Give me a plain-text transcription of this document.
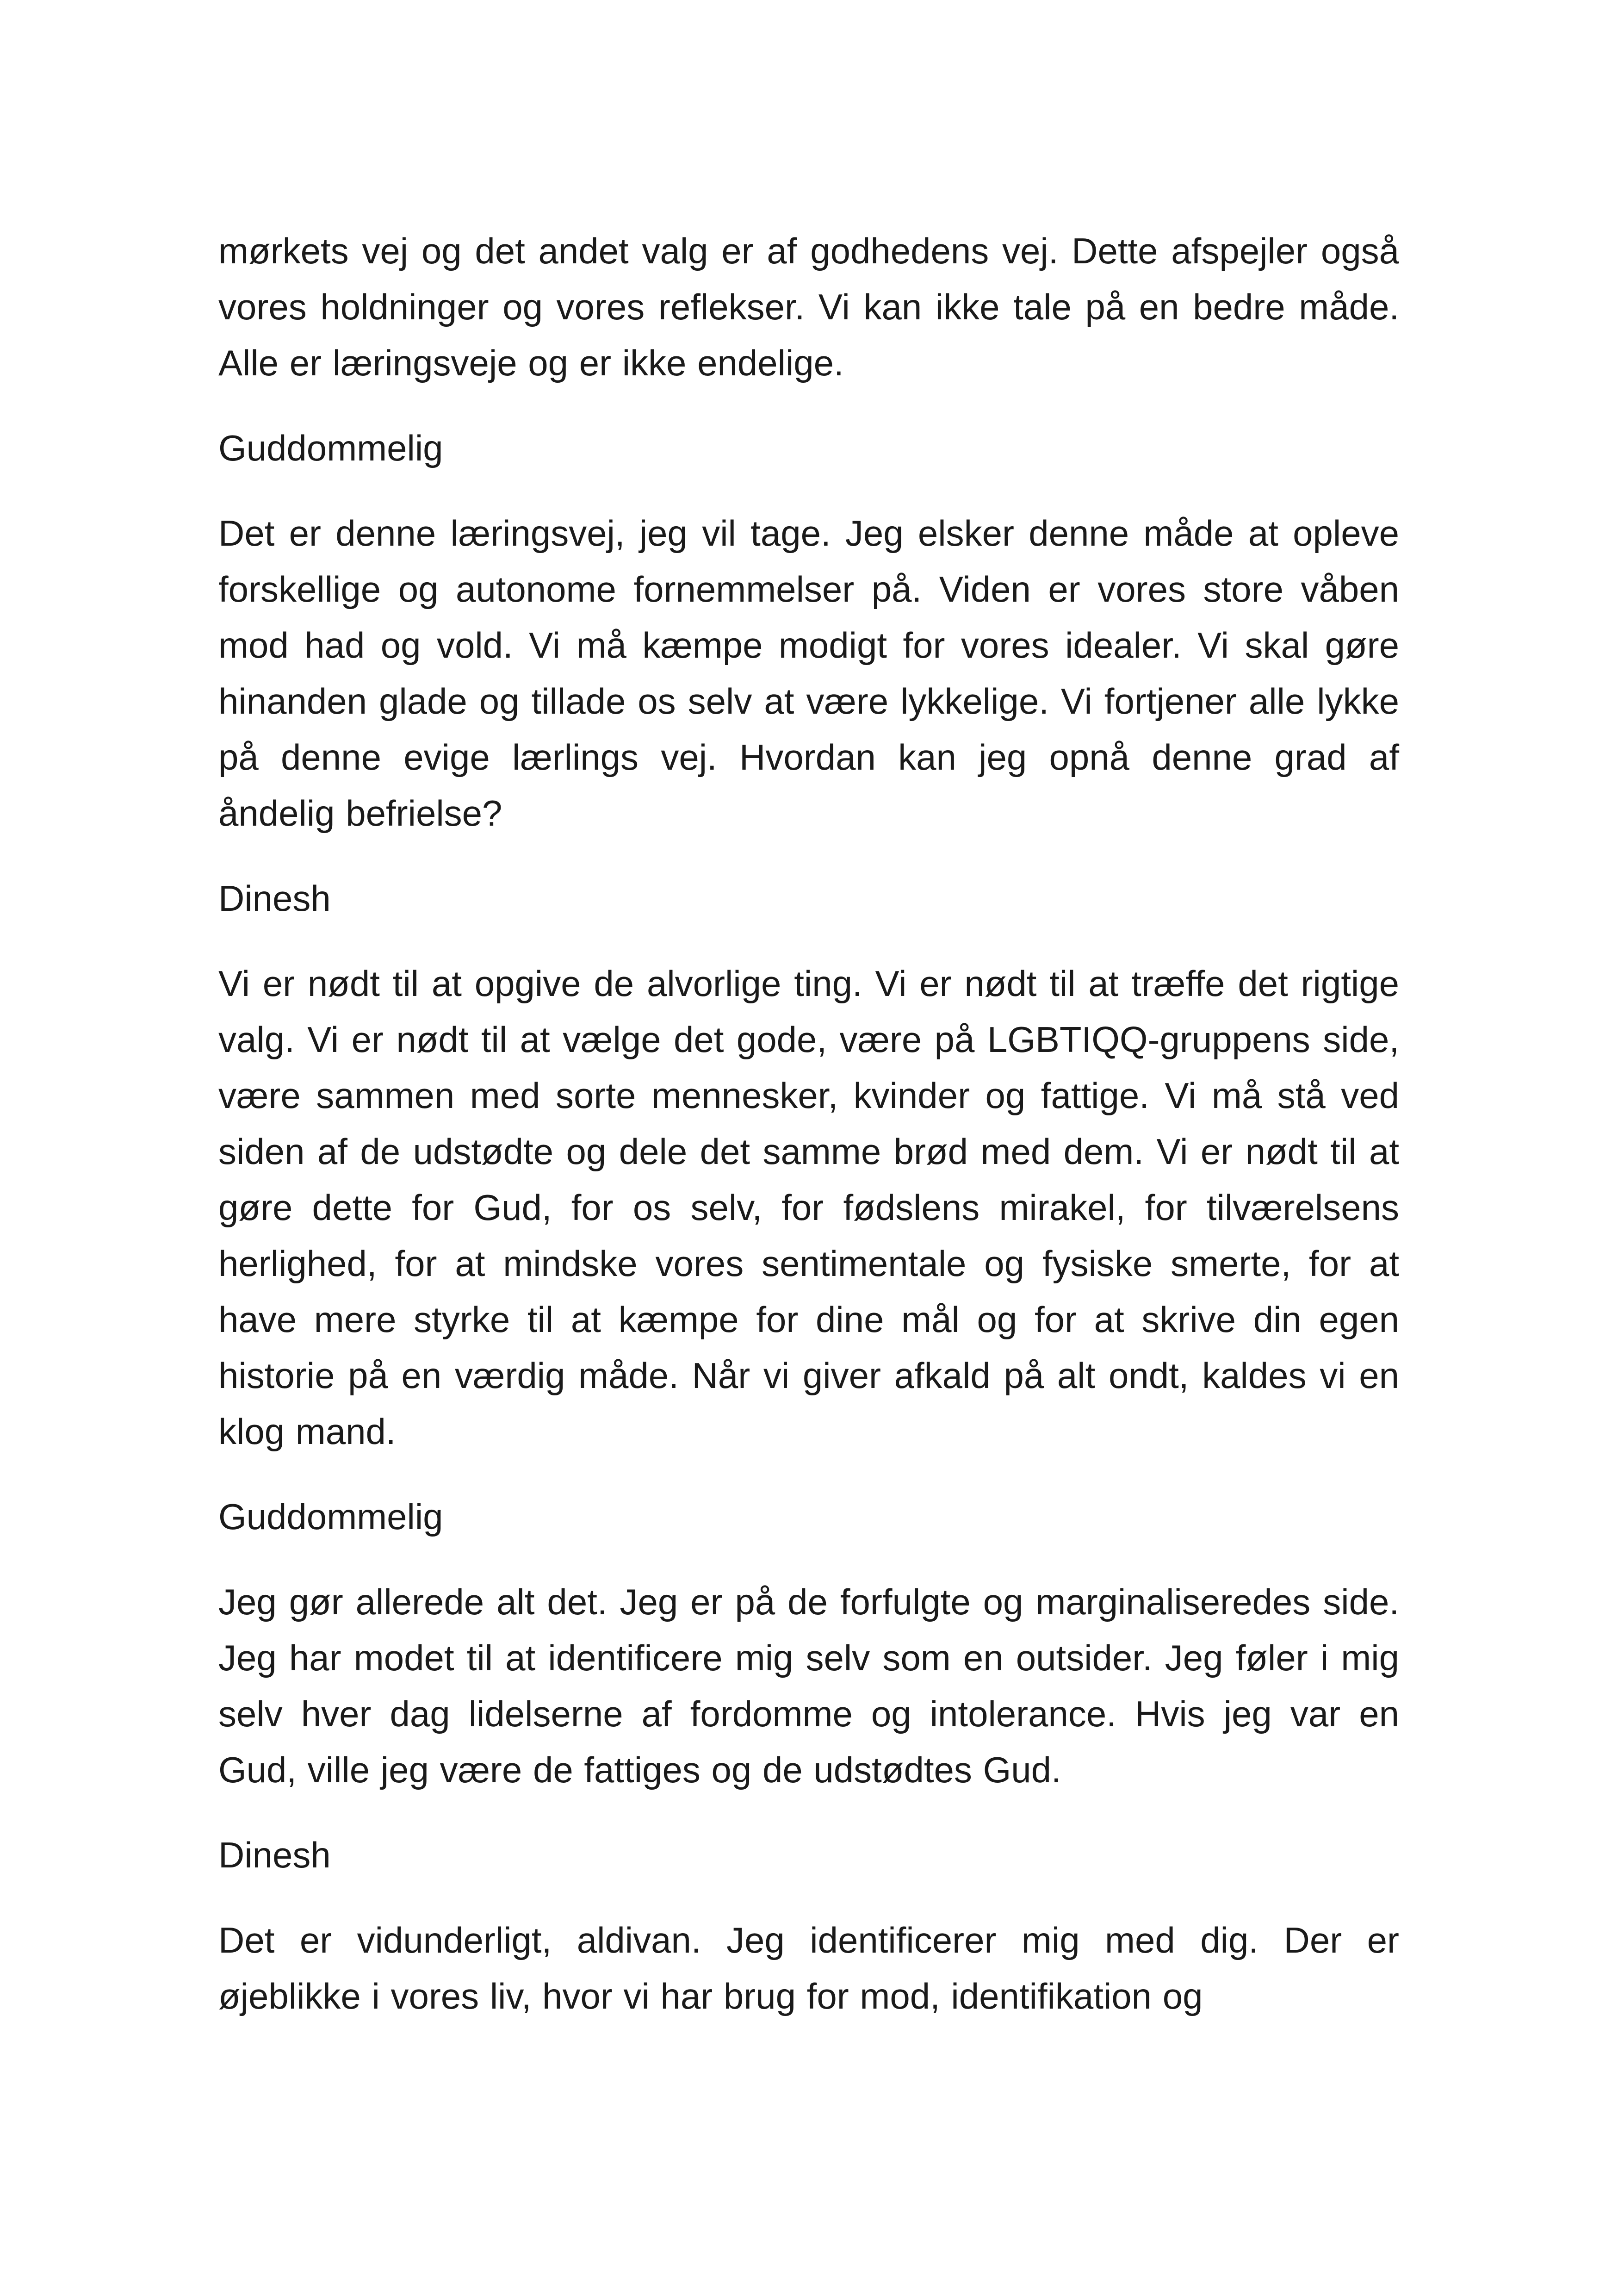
mørkets vej og det andet valg er af godhedens vej. Dette afspejler også vores holdninger og vores reflekser. Vi kan ikke tale på en bedre måde. Alle er læringsveje og er ikke endelige.

Guddommelig

Det er denne læringsvej, jeg vil tage. Jeg elsker denne måde at opleve forskellige og autonome fornemmelser på. Viden er vores store våben mod had og vold. Vi må kæmpe modigt for vores idealer. Vi skal gøre hinanden glade og tillade os selv at være lykkelige. Vi fortjener alle lykke på denne evige lærlings vej. Hvordan kan jeg opnå denne grad af åndelig befrielse?

Dinesh

Vi er nødt til at opgive de alvorlige ting. Vi er nødt til at træffe det rigtige valg. Vi er nødt til at vælge det gode, være på LGBTIQQ-gruppens side, være sammen med sorte mennesker, kvinder og fattige. Vi må stå ved siden af de udstødte og dele det samme brød med dem. Vi er nødt til at gøre dette for Gud, for os selv, for fødslens mirakel, for tilværelsens herlighed, for at mindske vores sentimentale og fysiske smerte, for at have mere styrke til at kæmpe for dine mål og for at skrive din egen historie på en værdig måde. Når vi giver afkald på alt ondt, kaldes vi en klog mand.

Guddommelig

Jeg gør allerede alt det. Jeg er på de forfulgte og marginaliseredes side. Jeg har modet til at identificere mig selv som en outsider. Jeg føler i mig selv hver dag lidelserne af fordomme og intolerance. Hvis jeg var en Gud, ville jeg være de fattiges og de udstødtes Gud.

Dinesh

Det er vidunderligt, aldivan. Jeg identificerer mig med dig. Der er øjeblikke i vores liv, hvor vi har brug for mod, identifikation og
